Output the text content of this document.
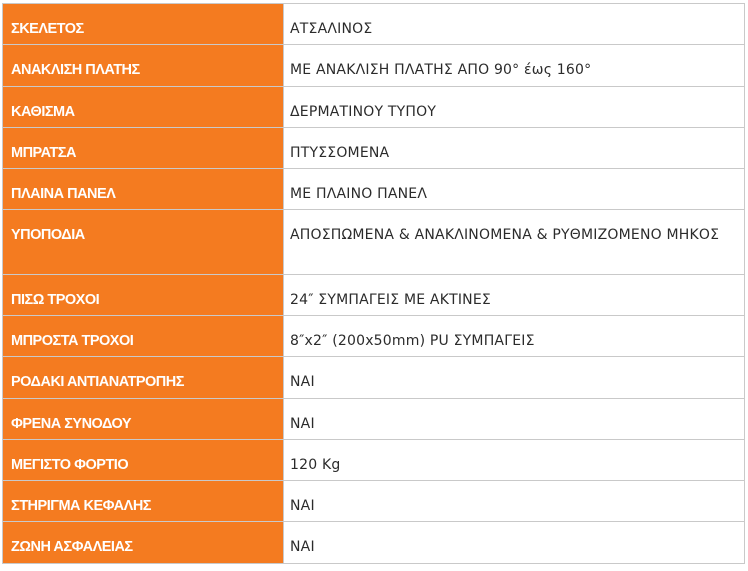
ΣΚΕΛΕΤΟΣ	ΑΤΣΑΛΙΝΟΣ

ΑΝΑΚΛΙΣΗ ΠΛΑΤΗΣ	ΜΕ ΑΝΑΚΛΙΣΗ ΠΛΑΤΗΣ ΑΠΟ 90° έως 160°

ΚΑΘΙΣΜΑ	ΔΕΡΜΑΤΙΝΟΥ ΤΥΠΟΥ

ΜΠΡΑΤΣΑ	ΠΤΥΣΣΟΜΕΝΑ

ΠΛΑΙΝΑ ΠΑΝΕΛ	ΜΕ ΠΛΑΙΝΟ ΠΑΝΕΛ

ΥΠΟΠΟΔΙΑ	ΑΠΟΣΠΩΜΕΝΑ & ΑΝΑΚΛΙΝΟΜΕΝΑ & ΡΥΘΜΙΖΟΜΕΝΟ ΜΗΚΟΣ

ΠΙΣΩ ΤΡΟΧΟΙ	24″ ΣΥΜΠΑΓΕΙΣ ΜΕ ΑΚΤΙΝΕΣ

ΜΠΡΟΣΤΑ ΤΡΟΧΟΙ	8″x2″ (200x50mm) PU ΣΥΜΠΑΓΕΙΣ

ΡΟΔΑΚΙ ΑΝΤΙΑΝΑΤΡΟΠΗΣ	ΝΑΙ

ΦΡΕΝΑ ΣΥΝΟΔΟΥ	ΝΑΙ

ΜΕΓΙΣΤΟ ΦΟΡΤΙΟ	120 Kg

ΣΤΗΡΙΓΜΑ ΚΕΦΑΛΗΣ	ΝΑΙ

ΖΩΝΗ ΑΣΦΑΛΕΙΑΣ	ΝΑΙ
